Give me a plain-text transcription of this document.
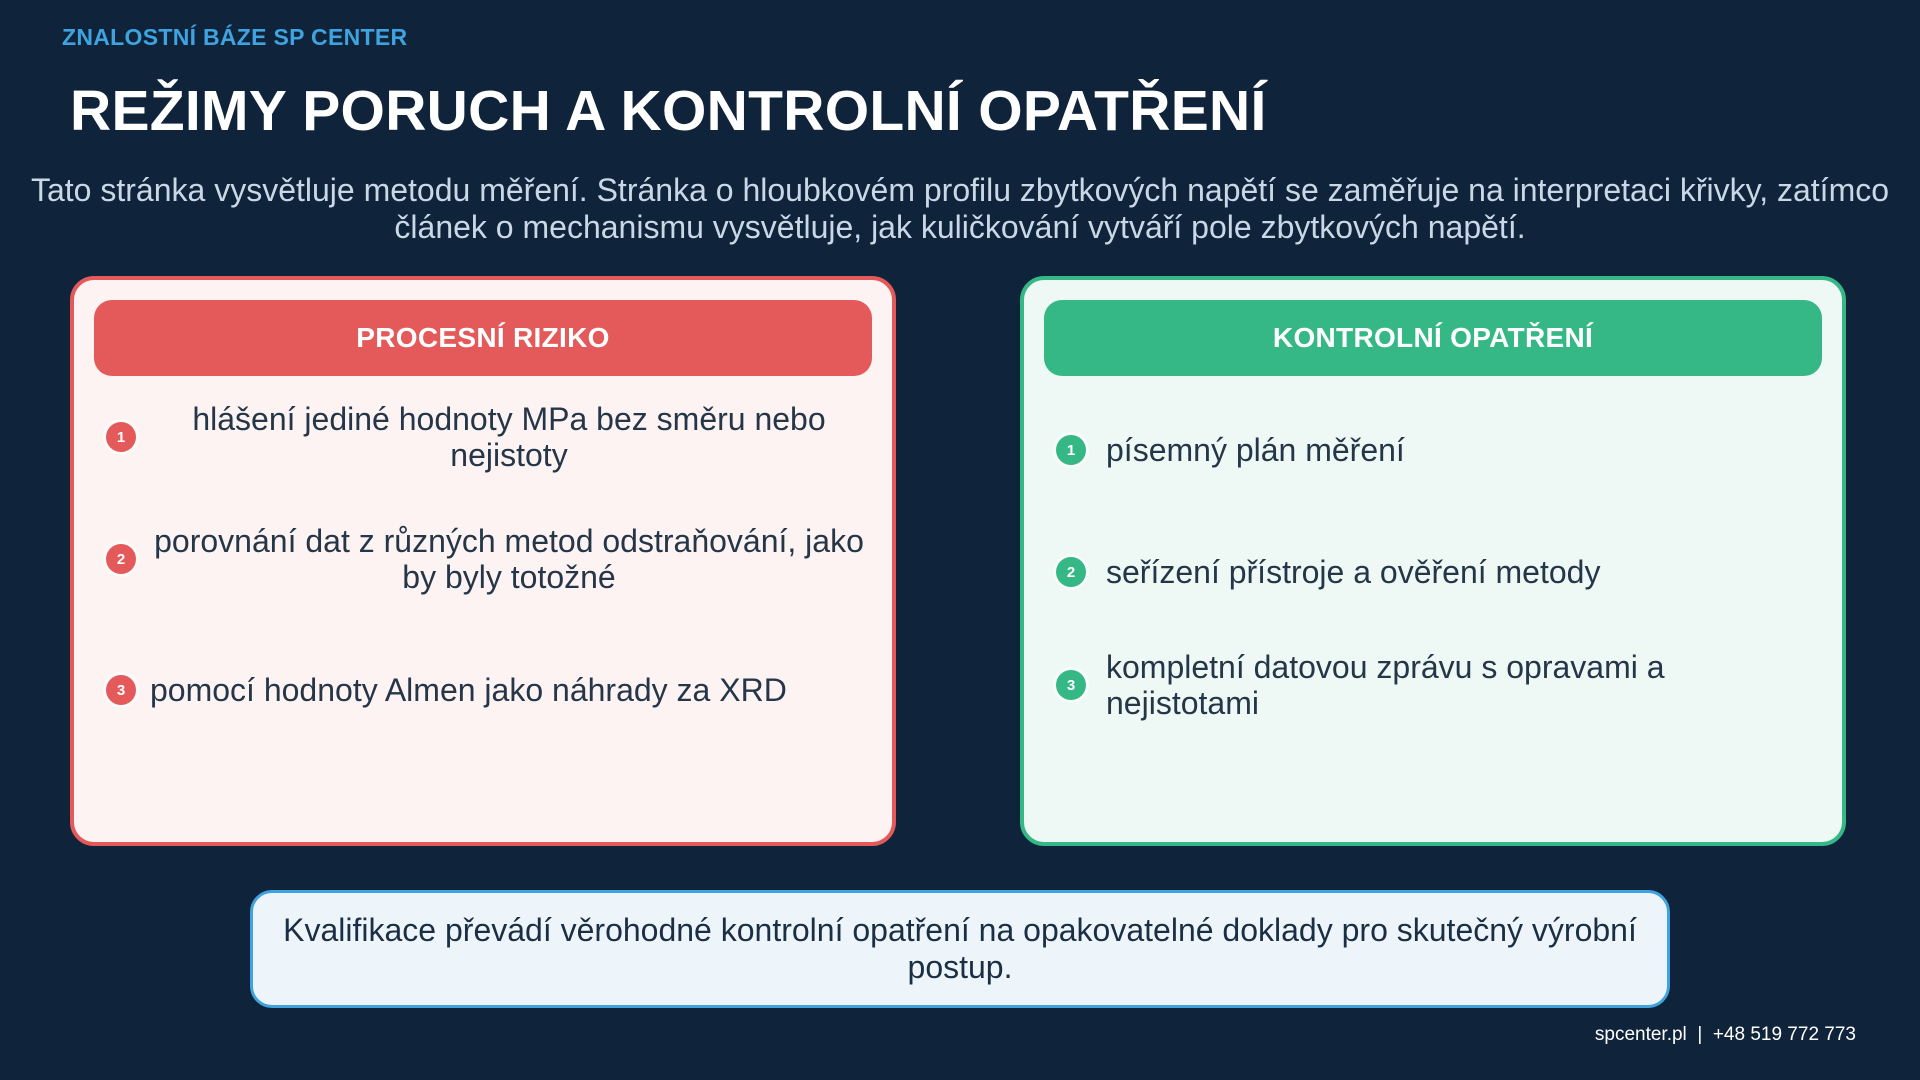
ZNALOSTNÍ BÁZE SP CENTER
REŽIMY PORUCH A KONTROLNÍ OPATŘENÍ
Tato stránka vysvětluje metodu měření. Stránka o hloubkovém profilu zbytkových napětí se zaměřuje na interpretaci křivky, zatímco článek o mechanismu vysvětluje, jak kuličkování vytváří pole zbytkových napětí.
PROCESNÍ RIZIKO
1	hlášení jediné hodnoty MPa bez směru nebo nejistoty
2 porovnání dat z různých metod odstraňování, jako by byly totožné
3 pomocí hodnoty Almen jako náhrady za XRD
KONTROLNÍ OPATŘENÍ
1 písemný plán měření
2 seřízení přístroje a ověření metody
3 kompletní datovou zprávu s opravami a nejistotami
Kvalifikace převádí věrohodné kontrolní opatření na opakovatelné doklady pro skutečný výrobní postup.
spcenter.pl  |  +48 519 772 773
